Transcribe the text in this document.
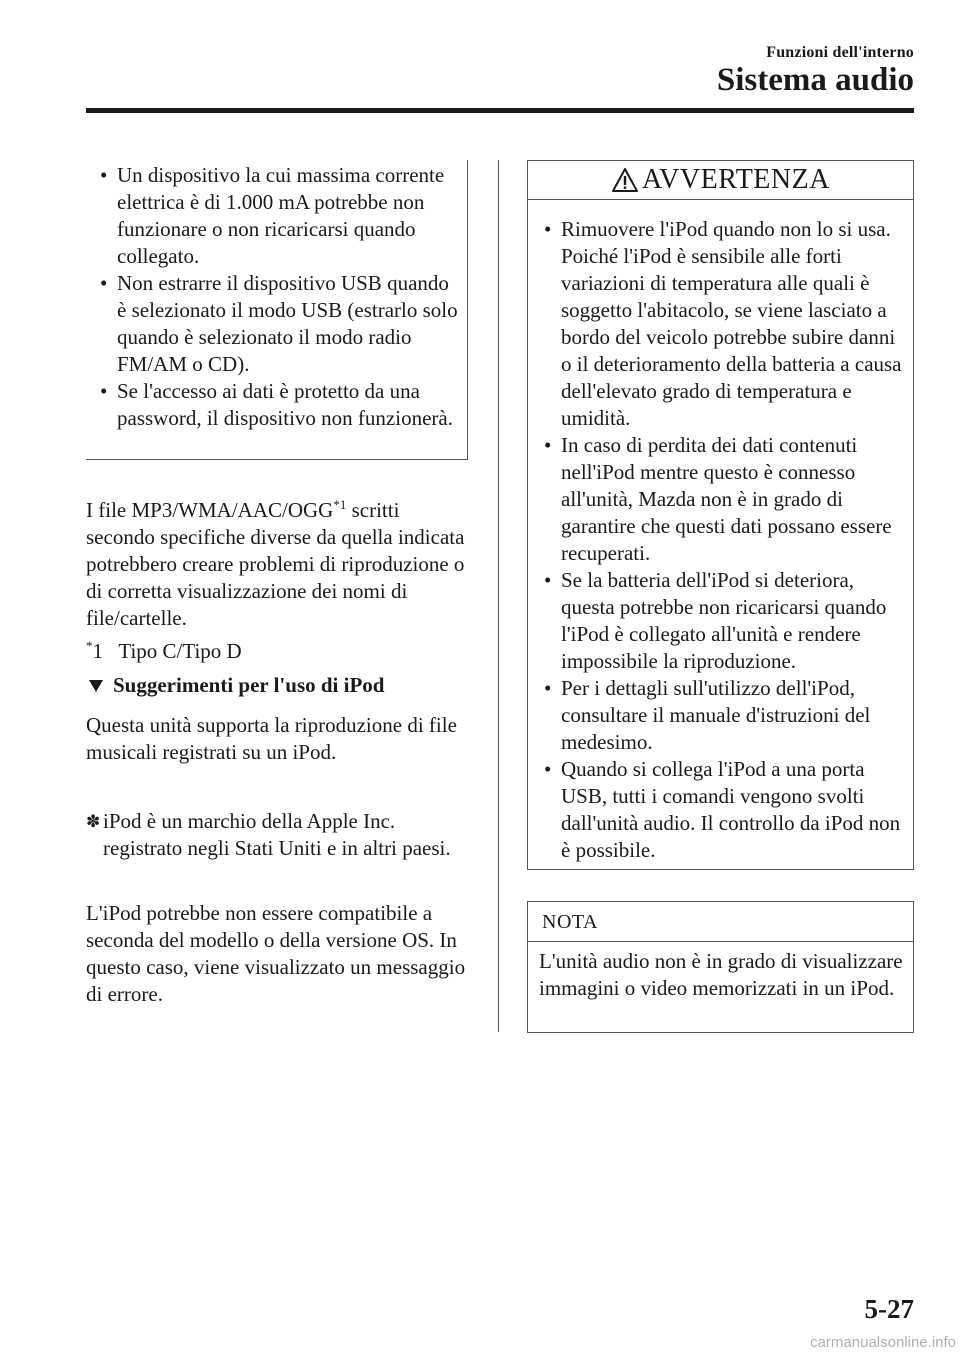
Funzioni dell'interno
Sistema audio
• Un dispositivo la cui massima corrente elettrica è di 1.000 mA potrebbe non funzionare o non ricaricarsi quando collegato.
• Non estrarre il dispositivo USB quando è selezionato il modo USB (estrarlo solo quando è selezionato il modo radio FM/AM o CD).
• Se l'accesso ai dati è protetto da una password, il dispositivo non funzionerà.

I file MP3/WMA/AAC/OGG$^{*1}$ scritti secondo specifiche diverse da quella indicata potrebbero creare problemi di riproduzione o di corretta visualizzazione dei nomi di file/cartelle.

*1   Tipo C/Tipo D
Suggerimenti per l'uso di iPod

Questa unità supporta la riproduzione di file musicali registrati su un iPod.

✽ iPod è un marchio della Apple Inc. registrato negli Stati Uniti e in altri paesi.

L'iPod potrebbe non essere compatibile a seconda del modello o della versione OS. In questo caso, viene visualizzato un messaggio di errore.

AVVERTENZA
• Rimuovere l'iPod quando non lo si usa. Poiché l'iPod è sensibile alle forti variazioni di temperatura alle quali è soggetto l'abitacolo, se viene lasciato a bordo del veicolo potrebbe subire danni o il deterioramento della batteria a causa dell'elevato grado di temperatura e umidità.
• In caso di perdita dei dati contenuti nell'iPod mentre questo è connesso all'unità, Mazda non è in grado di garantire che questi dati possano essere recuperati.
• Se la batteria dell'iPod si deteriora, questa potrebbe non ricaricarsi quando l'iPod è collegato all'unità e rendere impossibile la riproduzione.
• Per i dettagli sull'utilizzo dell'iPod, consultare il manuale d'istruzioni del medesimo.
• Quando si collega l'iPod a una porta USB, tutti i comandi vengono svolti dall'unità audio. Il controllo da iPod non è possibile.
NOTA
L'unità audio non è in grado di visualizzare immagini o video memorizzati in un iPod.
5-27
carmanualsonline.info
